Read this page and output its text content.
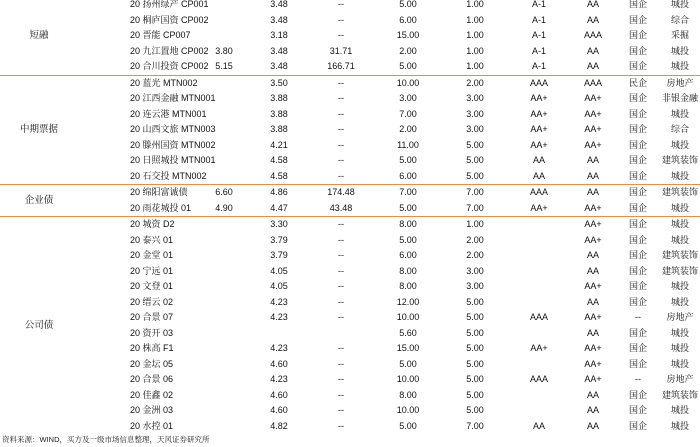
短融	20 扬州绿产 CP001		3.48	--	5.00	1.00	A-1	AA	国企	城投
	20 桐庐国资 CP002		3.48	--	6.00	1.00	A-1	AA	国企	综合
	20 晋能 CP007		3.18	--	15.00	1.00	A-1	AAA	国企	采掘
	20 九江置地 CP002	3.80	3.48	31.71	2.00	1.00	A-1	AA	国企	城投
	20 合川投资 CP002	5.15	3.48	166.71	5.00	1.00	A-1	AA	国企	城投
中期票据	20 蓝光 MTN002		3.50	--	10.00	2.00	AAA	AAA	民企	房地产
	20 江西金融 MTN001		3.88	--	3.00	3.00	AA+	AA+	国企	非银金融
	20 连云港 MTN001		3.88	--	7.00	3.00	AA+	AA+	国企	城投
	20 山西文旅 MTN003		3.88	--	2.00	3.00	AA+	AA+	国企	综合
	20 滕州国资 MTN002		4.21	--	11.00	5.00	AA+	AA+	国企	城投
	20 日照城投 MTN001		4.58	--	5.00	5.00	AA	AA	国企	建筑装饰
	20 石交投 MTN002		4.58	--	6.00	5.00	AA	AA	国企	城投
企业债	20 绵阳富诚债	6.60	4.86	174.48	7.00	7.00	AAA	AA	国企	建筑装饰
	20 雨花城投 01	4.90	4.47	43.48	5.00	7.00	AA+	AA+	国企	城投
公司债	20 城资 D2		3.30	--	8.00	1.00		AA+	国企	城投
	20 泰兴 01		3.79	--	5.00	2.00		AA+	国企	城投
	20 金堂 01		3.79	--	6.00	2.00		AA	国企	建筑装饰
	20 宁远 01		4.05	--	8.00	3.00		AA	国企	建筑装饰
	20 文登 01		4.05	--	8.00	3.00		AA+	国企	城投
	20 缙云 02		4.23	--	12.00	5.00		AA	国企	城投
	20 合景 07		4.23	--	10.00	5.00	AAA	AA+	--	房地产
	20 资开 03				5.60	5.00		AA	国企	城投
	20 株高 F1		4.23	--	15.00	5.00	AA+	AA+	国企	城投
	20 金坛 05		4.60	--	5.00	5.00		AA+	国企	城投
	20 合景 06		4.23	--	10.00	5.00	AAA	AA+	--	房地产
	20 佳鑫 02		4.60	--	8.00	5.00		AA	国企	建筑装饰
	20 金洲 03		4.60	--	10.00	5.00		AA	国企	城投
	20 水控 01		4.82	--	5.00	7.00	AA	AA	国企	城投
资料来源：WIND，买方及一级市场信息整理，天风证券研究所
